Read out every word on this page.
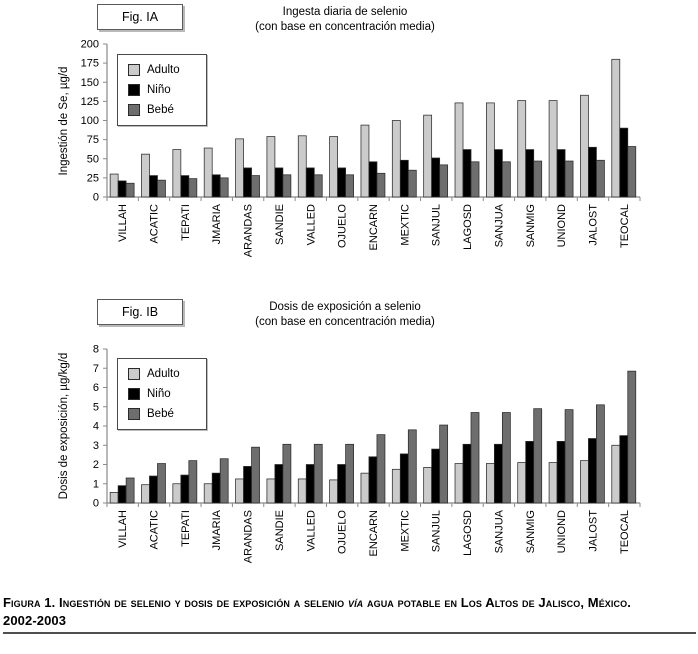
0
25
50
75
100
125
150
175
200
VILLAH ACATIC TEPATI JMARIA ARANDAS SANDIE VALLED OJUELO ENCARN MEXTIC SANJUL LAGOSD SANJUA SANMIG UNIOND JALOST TEOCAL
0
1
2
3
4
5
6
7
8
VILLAH ACATIC TEPATI JMARIA ARANDAS SANDIE VALLED OJUELO ENCARN MEXTIC SANJUL LAGOSD SANJUA SANMIG UNIOND JALOST TEOCAL
Fig. IA	Ingesta diaria de selenio
(con base en concentración media)
Ingestión de Se, µg/d	Adulto
Niño
Bebé
Fig. IB	Dosis de exposición a selenio
(con base en concentración media)
Dosis de exposición, µg/kg/d	Adulto
Niño
Bebé
Figura 1. Ingestión de selenio y dosis de exposición a selenio vía agua potable en Los Altos de Jalisco, México.
2002-2003
